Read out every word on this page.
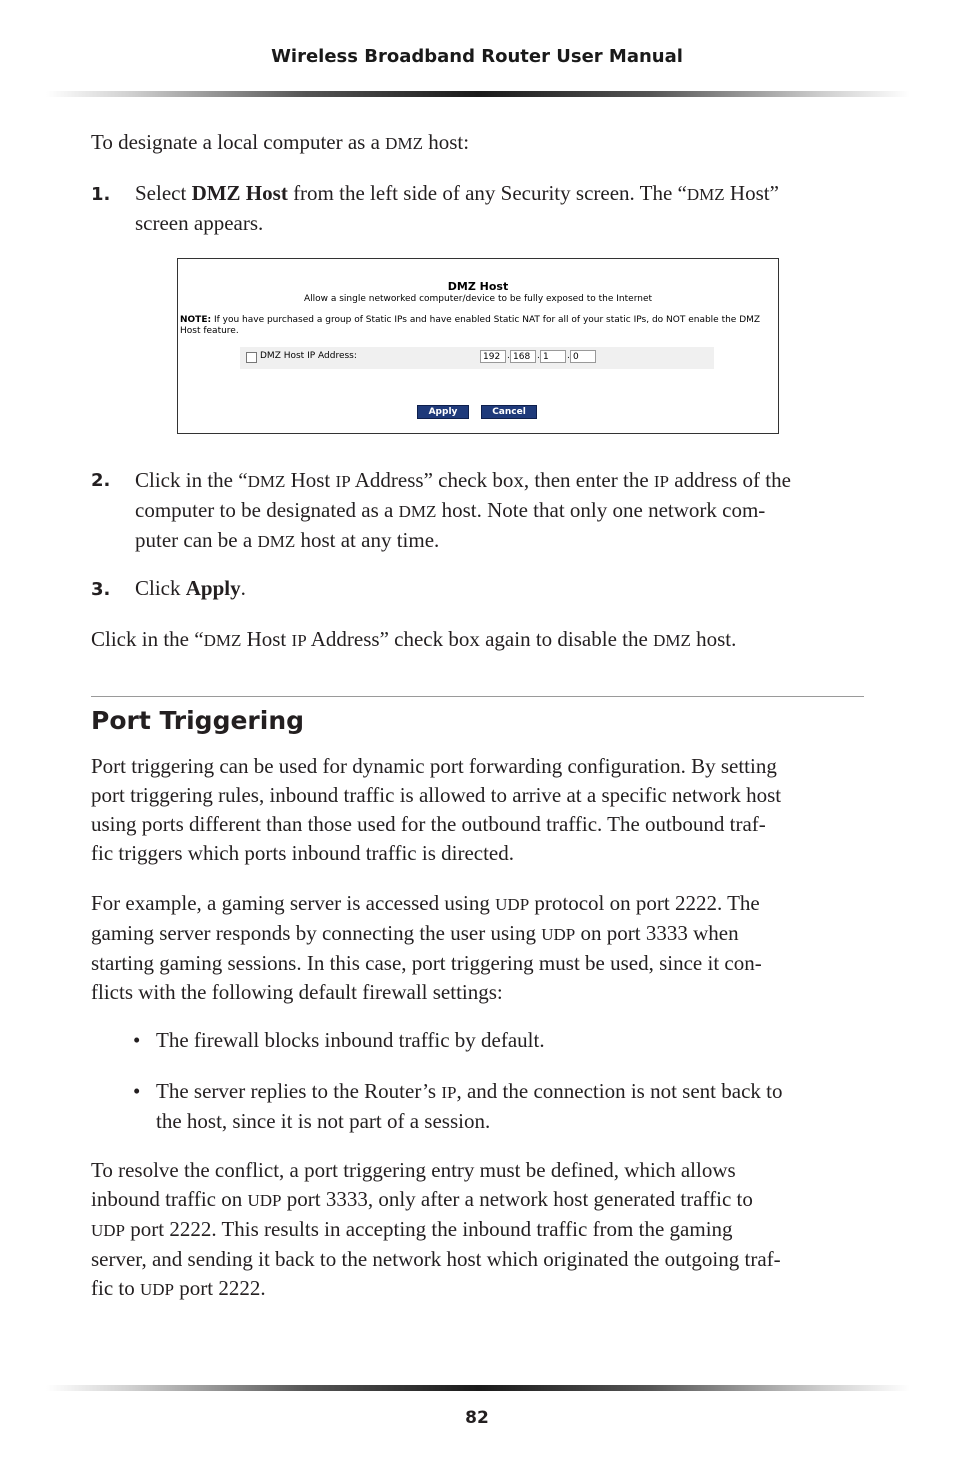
Wireless Broadband Router User Manual
To designate a local computer as a DMZ host:
1. Select DMZ Host from the left side of any Security screen. The “DMZ Host”
screen appears.
DMZ Host
Allow a single networked computer/device to be fully exposed to the Internet
NOTE: If you have purchased a group of Static IPs and have enabled Static NAT for all of your static IPs, do NOT enable the DMZ Host feature.
DMZ Host IP Address:	192 . 168 . 1	. 0
Apply	Cancel
2. Click in the “DMZ Host IP Address” check box, then enter the IP address of the
computer to be designated as a DMZ host. Note that only one network com-
puter can be a DMZ host at any time.
3. Click Apply.
Click in the “DMZ Host IP Address” check box again to disable the DMZ host.
Port Triggering
Port triggering can be used for dynamic port forwarding configuration. By setting
port triggering rules, inbound traffic is allowed to arrive at a specific network host
using ports different than those used for the outbound traffic. The outbound traf-
fic triggers which ports inbound traffic is directed.
For example, a gaming server is accessed using UDP protocol on port 2222. The
gaming server responds by connecting the user using UDP on port 3333 when
starting gaming sessions. In this case, port triggering must be used, since it con-
flicts with the following default firewall settings:
• The firewall blocks inbound traffic by default.
• The server replies to the Router’s IP, and the connection is not sent back to
the host, since it is not part of a session.
To resolve the conflict, a port triggering entry must be defined, which allows
inbound traffic on UDP port 3333, only after a network host generated traffic to
UDP port 2222. This results in accepting the inbound traffic from the gaming
server, and sending it back to the network host which originated the outgoing traf-
fic to UDP port 2222.
82
